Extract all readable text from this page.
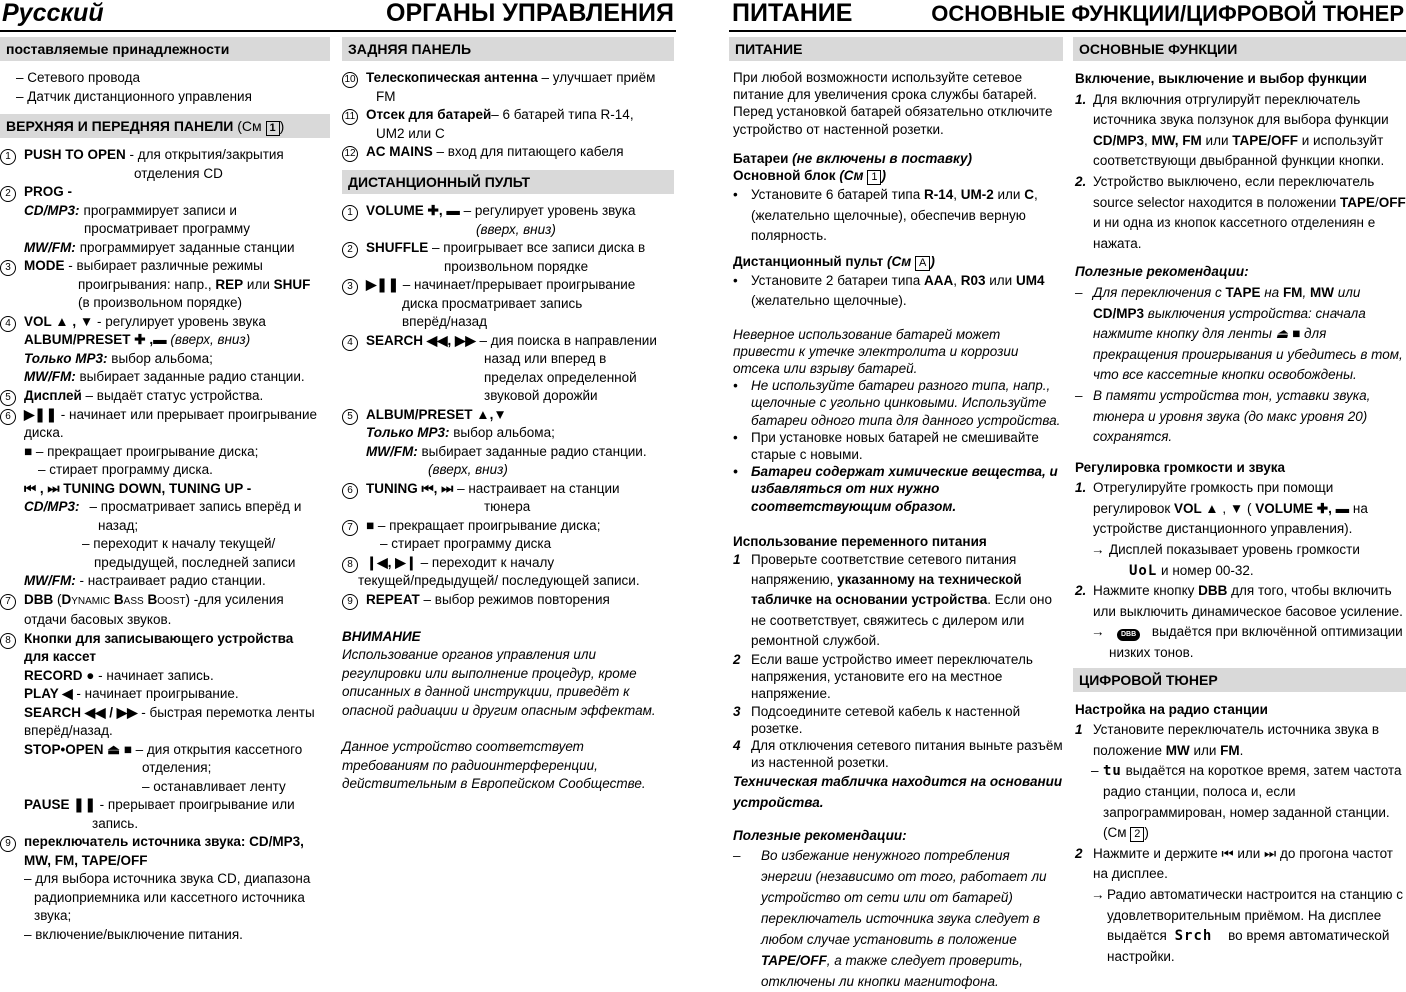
Русский	ОРГАНЫ УПРАВЛЕНИЯ
поставляемые принадлежности

– Сетевого провода

– Датчик дистанционного управления

ВЕРХНЯЯ И ПЕРЕДНЯЯ ПАНЕЛИ (См 1 )
1 PUSH TO OPEN - для открытия/закрытия

отделения CD

2 PROG -

CD/MP3: программирует записи и

просматривает программу

MW/FM: программирует заданные станции
3 MODE - выбирает различные режимы

проигрывания: напр., REP или SHUF

(в произвольном порядке)

4 VOL ▲ , ▼ - регулирует уровень звука

ALBUM/PRESET ✚ ,▬ (вверх, вниз)

Только MP3: выбор альбома;

MW/FM: выбирает заданные радио станции.

5 Дисплей – выдаёт статус устройства.
6 ▶❚❚ - начинает или прерывает проигрывание

диска.

■ – прекращает проигрывание диска;

– стирает программу диска.

⏮ , ⏭ TUNING DOWN, TUNING UP -

CD/MP3: – просматривает запись вперёд и

назад;

– переходит к началу текущей/

предыдущей, последней записи

MW/FM: - настраивает радио станции.

7 DBB (DYNAMIC BASS BOOST) -для усиления

отдачи басовых звуков.

8 Кнопки для записывающего устройства

для кассет

RECORD ● - начинает запись.

PLAY ◀ - начинает проигрывание.

SEARCH ◀◀ / ▶▶ - быстрая перемотка ленты

вперёд/назад.

STOP•OPEN ⏏ ■ – дия открытия кассетного

отделения;

– останавливает ленту

PAUSE ❚❚ - прерывает проигрывание или

запись.

9 переключатель источника звука: CD/MP3,

MW, FM, TAPE/OFF

– для выбора источника звука CD, диапазона

радиоприемника или кассетного источника

звука;

– включение/выключение питания.

ЗАДНЯЯ ПАНЕЛЬ
10 Телескопическая антенна – улучшает приём

FM

11 Отсек для батарей– 6 батарей типа R-14,

UM2 или C

12 AC MAINS – вход для питающего кабеля
ДИСТАНЦИОННЫЙ ПУЛЬТ
1 VOLUME ✚, ▬ – регулирует уровень звука

(вверх, вниз)

2 SHUFFLE – проигрывает все записи диска в

произвольном порядке

3 ▶❚❚ – начинает/прерывает проигрывание

диска просматривает запись

вперёд/назад

4 SEARCH ◀◀, ▶▶ – дия поиска в направлении

назад или вперед в

пределах определенной

звуковой дорожйи

5 ALBUM/PRESET ▲,▼

Только MP3: выбор альбома;

MW/FM: выбирает заданные радио станции.

(вверх, вниз)

6 TUNING ⏮, ⏭ – настраивает на станции

тюнера

7 ■ – прекращает проигрывание диска;

– стирает программу диска

8 ❙◀, ▶❙ – переходит к началу

текущей/предыдущей/ последующей записи.

9 REPEAT – выбор режимов повторения

ВНИМАНИЕ

Использование органов управления или регулировки или выполнение процедур, кроме описанных в данной инструкции, приведёт к опасной радиации и другим опасным эффектам.

Данное устройство соответствует требованиям по радиоинтерференции, действительным в Европейском Сообществе.

ПИТАНИЕ	ОСНОВНЫЕ ФУНКЦИИ/ЦИФРОВОЙ ТЮНЕР
ПИТАНИЕ

При любой возможности используйте сетевое питание для увеличения срока службы батарей. Перед установкой батарей обязательно отключите устройство от настенной розетки.

Батареи (не включены в поставку)

Основной блок (См 1 )

• Установите 6 батарей типа R-14, UM-2 или C, (желательно щелочные), обеспечив верную полярность.

Дистанционный пульт (См A )

• Установите 2 батареи типа AAA, R03 или UM4 (желательно щелочные).

Неверное использование батарей может привести к утечке электролита и коррозии отсека или взрыву батарей.

• Не используйте батареи разного типа, напр., щелочные с угольно цинковыми. Используйте батареи одного типа для данного устройства.
• При установке новых батарей не смешивайте старые с новыми.
• Батареи содержат химические вещества, и избавляться от них нужно соответствующим образом.

Использование переменного питания

1 Проверьте соответствие сетевого питания напряжению, указанному на технической табличке на основании устройства. Если оно не соответствует, свяжитесь с дилером или ремонтной службой.
2 Если ваше устройство имеет переключатель напряжения, установите его на местное напряжение.
3 Подсоедините сетевой кабель к настенной розетке.
4 Для отключения сетевого питания выньте разъём из настенной розетки.

Техническая табличка находится на основании устройства.

Полезные рекомендации:

–	Во избежание ненужного потребления энергии (независимо от того, работает ли устройство от сети или от батарей) переключатель источника звука следует в любом случае установить в положение TAPE/OFF, а также следует проверить, отключены ли кнопки магнитофона.
ОСНОВНЫЕ ФУНКЦИИ

Включение, выключение и выбор функции

1. Для включния отргулируйт переключатель источника звука ползунок для выбора функции CD/MP3, MW, FM или TAPE/OFF и используйт соответствующи двыбранной функции кнопки.
2. Устройство выключено, если переключатель source selector находится в положении TAPE/OFF и ни одна из кнопок кассетного отделениян е нажата.

Полезные рекомендации:

– Для переключения с TAPE на FM, MW или CD/MP3 выключения устройства: сначала нажмите кнопку для ленты ⏏ ■ для прекращения проигрывания и убедитесь в том, что все кассетные кнопки освобождены.
– В памяти устройства тон, уставки звука, тюнера и уровня звука (до макс уровня 20) сохранятся.

Регулировка громкости и звука

1. Отрегулируйте громкость при помощи регулировок VOL ▲ , ▼ ( VOLUME ✚, ▬ на устройстве дистанционного управления).
→ Дисплей показывает уровень громкости
UoL и номер 00-32.
2. Нажмите кнопку DBB для того, чтобы включить или выключить динамическое басовое усиление.
→	DBB выдаётся при включённой оптимизации низких тонов.
ЦИФРОВОЙ ТЮНЕР

Настройка на радио станции

1 Установите переключатель источника звука в положение MW или FM.
– tu выдаётся на короткое время, затем частота радио станции, полоса и, если запрограммирован, номер заданной станции. (См 2 )
2 Нажмите и держите ⏮ или ⏭ до прогона частот на дисплее.
→ Радио автоматически настроится на станцию с удовлетворительным приёмом. На дисплее выдаётся Srch во время автоматической настройки.
